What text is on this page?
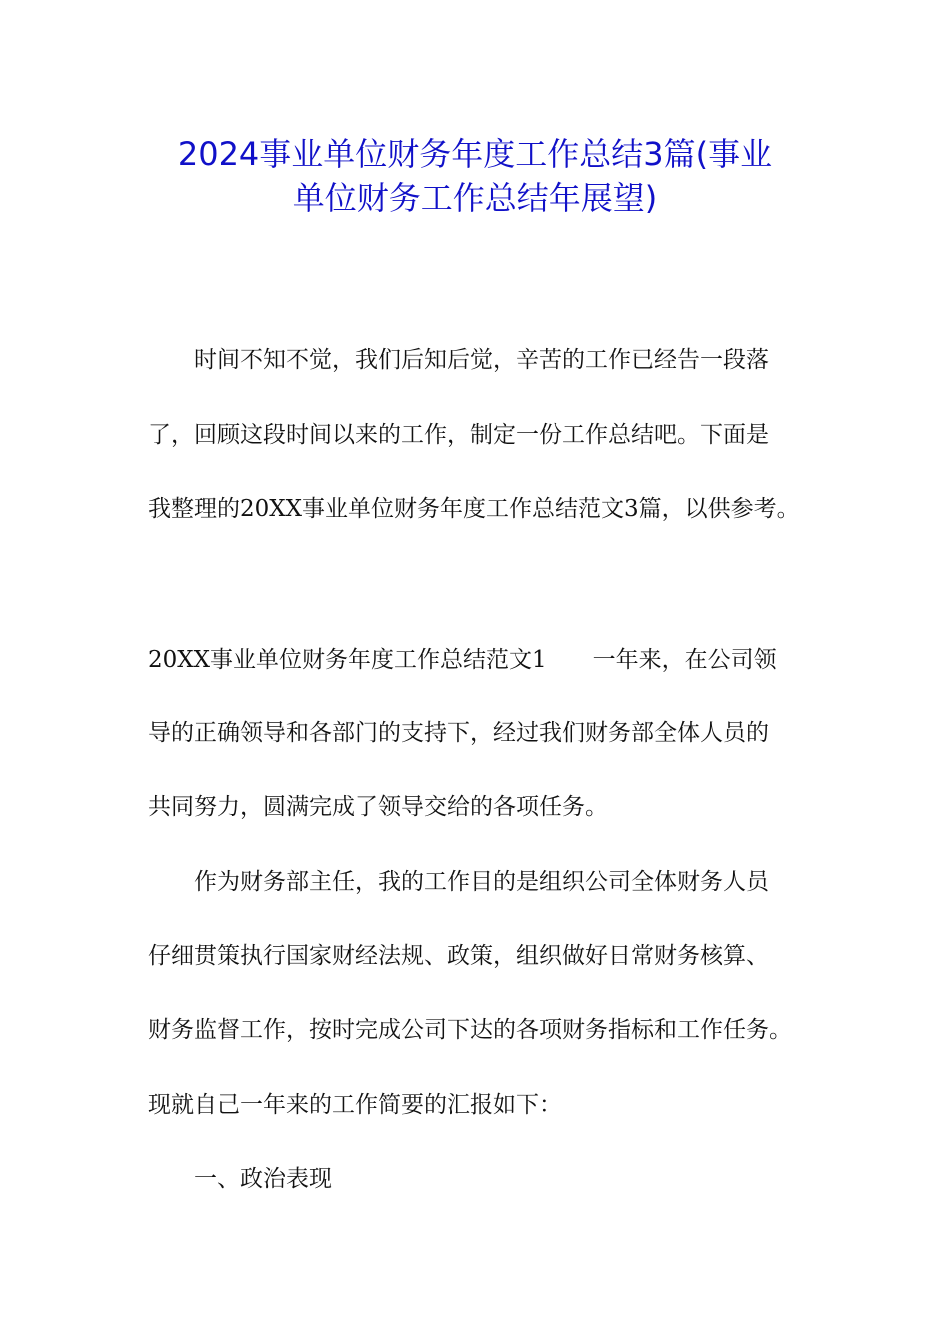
2024事业单位财务年度工作总结3篇(事业
单位财务工作总结年展望)
时间不知不觉，我们后知后觉，辛苦的工作已经告一段落
了，回顾这段时间以来的工作，制定一份工作总结吧。下面是
我整理的20XX事业单位财务年度工作总结范文3篇，以供参考。
20XX事业单位财务年度工作总结范文1　　一年来，在公司领
导的正确领导和各部门的支持下，经过我们财务部全体人员的
共同努力，圆满完成了领导交给的各项任务。
作为财务部主任，我的工作目的是组织公司全体财务人员
仔细贯策执行国家财经法规、政策，组织做好日常财务核算、
财务监督工作，按时完成公司下达的各项财务指标和工作任务。
现就自己一年来的工作简要的汇报如下：
一、政治表现
